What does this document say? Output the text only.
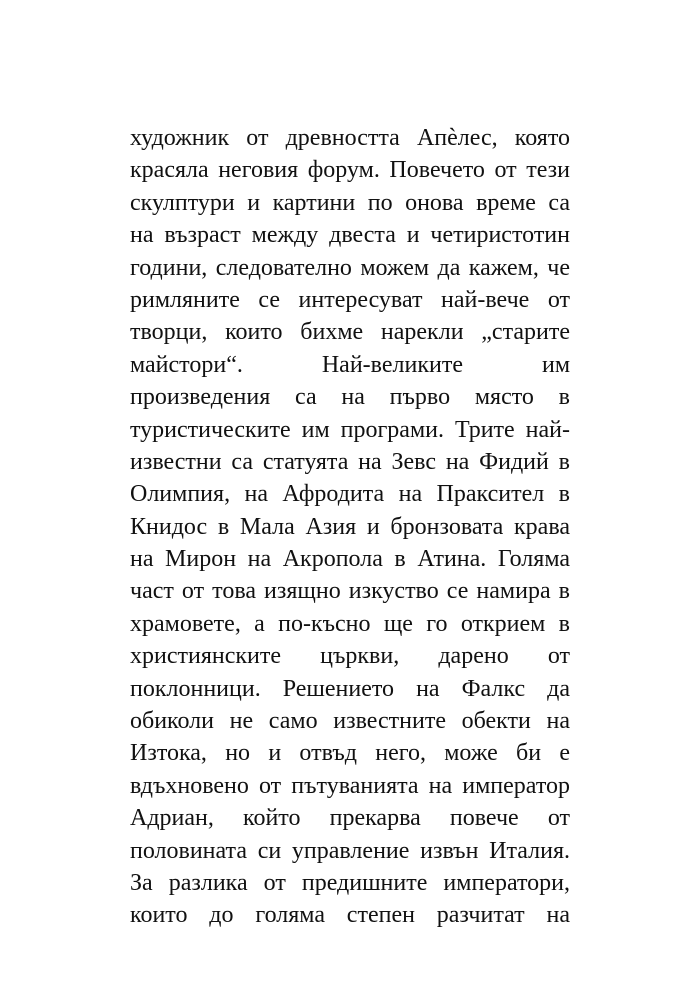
художник от древността Апѐлес, която
красяла неговия форум. Повечето от тези
скулптури и картини по онова време са
на възраст между двеста и четиристотин
години, следователно можем да кажем, че
римляните се интересуват най-вече от
творци, които бихме нарекли „старите
майстори“. Най-великите им
произведения са на първо място в
туристическите им програми. Трите най-
известни са статуята на Зевс на Фидий в
Олимпия, на Афродита на Праксител в
Книдос в Мала Азия и бронзовата крава
на Мирон на Акропола в Атина. Голяма
част от това изящно изкуство се намира в
храмовете, а по-късно ще го открием в
християнските църкви, дарено от
поклонници. Решението на Фалкс да
обиколи не само известните обекти на
Изтока, но и отвъд него, може би е
вдъхновено от пътуванията на император
Адриан, който прекарва повече от
половината си управление извън Италия.
За разлика от предишните императори,
които до голяма степен разчитат на
